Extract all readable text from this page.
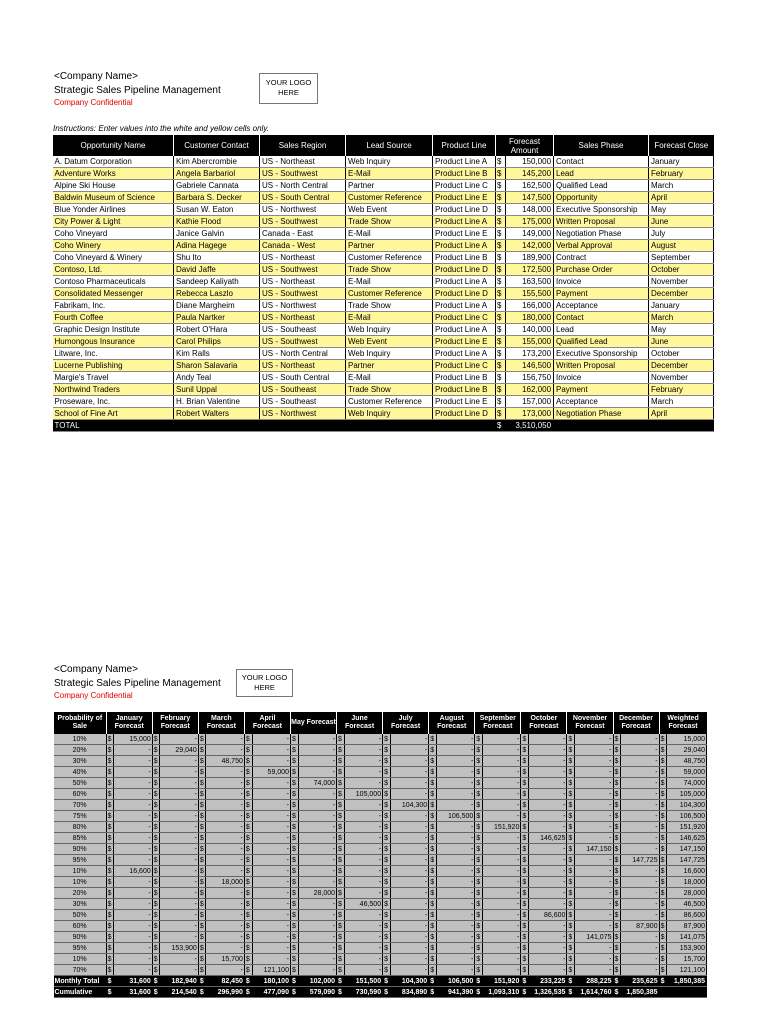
<Company Name>
Strategic Sales Pipeline Management
Company Confidential
YOUR LOGO
HERE
Instructions: Enter values into the white and yellow cells only.
Opportunity Name	Customer Contact	Sales Region	Lead Source	Product Line	Forecast Amount		Sales Phase	Forecast Close
A. Datum Corporation	Kim Abercrombie	US - Northeast	Web Inquiry	Product Line A	$	150,000	Contact	January
Adventure Works	Angela Barbariol	US - Southwest	E-Mail	Product Line B	$	145,200	Lead	February
Alpine Ski House	Gabriele Cannata	US - North Central	Partner	Product Line C	$	162,500	Qualified Lead	March
Baldwin Museum of Science	Barbara S. Decker	US - South Central	Customer Reference	Product Line E	$	147,500	Opportunity	April
Blue Yonder Airlines	Susan W. Eaton	US - Northwest	Web Event	Product Line D	$	148,000	Executive Sponsorship	May
City Power & Light	Kathie Flood	US - Southwest	Trade Show	Product Line A	$	175,000	Written Proposal	June
Coho Vineyard	Janice Galvin	Canada - East	E-Mail	Product Line E	$	149,000	Negotiation Phase	July
Coho Winery	Adina Hagege	Canada - West	Partner	Product Line A	$	142,000	Verbal Approval	August
Coho Vineyard & Winery	Shu Ito	US - Northeast	Customer Reference	Product Line B	$	189,900	Contract	September
Contoso, Ltd.	David Jaffe	US - Southwest	Trade Show	Product Line D	$	172,500	Purchase Order	October
Contoso Pharmaceuticals	Sandeep Kaliyath	US - Northeast	E-Mail	Product Line A	$	163,500	Invoice	November
Consolidated Messenger	Rebecca Laszlo	US - Southwest	Customer Reference	Product Line D	$	155,500	Payment	December
Fabrikam, Inc.	Diane Margheim	US - Northwest	Trade Show	Product Line A	$	166,000	Acceptance	January
Fourth Coffee	Paula Nartker	US - Northeast	E-Mail	Product Line C	$	180,000	Contact	March
Graphic Design Institute	Robert O'Hara	US - Southeast	Web Inquiry	Product Line A	$	140,000	Lead	May
Humongous Insurance	Carol Philips	US - Southwest	Web Event	Product Line E	$	155,000	Qualified Lead	June
Litware, Inc.	Kim Ralls	US - North Central	Web Inquiry	Product Line A	$	173,200	Executive Sponsorship	October
Lucerne Publishing	Sharon Salavaria	US - Northeast	Partner	Product Line C	$	146,500	Written Proposal	December
Margie's Travel	Andy Teal	US - South Central	E-Mail	Product Line B	$	156,750	Invoice	November
Northwind Traders	Sunil Uppal	US - Southeast	Trade Show	Product Line B	$	162,000	Payment	February
Proseware, Inc.	H. Brian Valentine	US - Southeast	Customer Reference	Product Line E	$	157,000	Acceptance	March
School of Fine Art	Robert Walters	US - Northwest	Web Inquiry	Product Line D	$	173,000	Negotiation Phase	April
TOTAL					$	3,510,050		
<Company Name>
Strategic Sales Pipeline Management
Company Confidential
YOUR LOGO
HERE
Probability of Sale	January Forecast		February Forecast		March Forecast		April Forecast		May Forecast		June Forecast		July Forecast		August Forecast		September Forecast		October Forecast		November Forecast		December Forecast		Weighted Forecast	
10%	$	15,000	$	-	$	-	$	-	$	-	$	-	$	-	$	-	$	-	$	-	$	-	$	-	$	15,000
20%	$	-	$	29,040	$	-	$	-	$	-	$	-	$	-	$	-	$	-	$	-	$	-	$	-	$	29,040
30%	$	-	$	-	$	48,750	$	-	$	-	$	-	$	-	$	-	$	-	$	-	$	-	$	-	$	48,750
40%	$	-	$	-	$	-	$	59,000	$	-	$	-	$	-	$	-	$	-	$	-	$	-	$	-	$	59,000
50%	$	-	$	-	$	-	$	-	$	74,000	$	-	$	-	$	-	$	-	$	-	$	-	$	-	$	74,000
60%	$	-	$	-	$	-	$	-	$	-	$	105,000	$	-	$	-	$	-	$	-	$	-	$	-	$	105,000
70%	$	-	$	-	$	-	$	-	$	-	$	-	$	104,300	$	-	$	-	$	-	$	-	$	-	$	104,300
75%	$	-	$	-	$	-	$	-	$	-	$	-	$	-	$	106,500	$	-	$	-	$	-	$	-	$	106,500
80%	$	-	$	-	$	-	$	-	$	-	$	-	$	-	$	-	$	151,920	$	-	$	-	$	-	$	151,920
85%	$	-	$	-	$	-	$	-	$	-	$	-	$	-	$	-	$	-	$	146,625	$	-	$	-	$	146,625
90%	$	-	$	-	$	-	$	-	$	-	$	-	$	-	$	-	$	-	$	-	$	147,150	$	-	$	147,150
95%	$	-	$	-	$	-	$	-	$	-	$	-	$	-	$	-	$	-	$	-	$	-	$	147,725	$	147,725
10%	$	16,600	$	-	$	-	$	-	$	-	$	-	$	-	$	-	$	-	$	-	$	-	$	-	$	16,600
10%	$	-	$	-	$	18,000	$	-	$	-	$	-	$	-	$	-	$	-	$	-	$	-	$	-	$	18,000
20%	$	-	$	-	$	-	$	-	$	28,000	$	-	$	-	$	-	$	-	$	-	$	-	$	-	$	28,000
30%	$	-	$	-	$	-	$	-	$	-	$	46,500	$	-	$	-	$	-	$	-	$	-	$	-	$	46,500
50%	$	-	$	-	$	-	$	-	$	-	$	-	$	-	$	-	$	-	$	86,600	$	-	$	-	$	86,600
60%	$	-	$	-	$	-	$	-	$	-	$	-	$	-	$	-	$	-	$	-	$	-	$	87,900	$	87,900
90%	$	-	$	-	$	-	$	-	$	-	$	-	$	-	$	-	$	-	$	-	$	141,075	$	-	$	141,075
95%	$	-	$	153,900	$	-	$	-	$	-	$	-	$	-	$	-	$	-	$	-	$	-	$	-	$	153,900
10%	$	-	$	-	$	15,700	$	-	$	-	$	-	$	-	$	-	$	-	$	-	$	-	$	-	$	15,700
70%	$	-	$	-	$	-	$	121,100	$	-	$	-	$	-	$	-	$	-	$	-	$	-	$	-	$	121,100
Monthly Total	$	31,600	$	182,940	$	82,450	$	180,100	$	102,000	$	151,500	$	104,300	$	106,500	$	151,920	$	233,225	$	288,225	$	235,625	$	1,850,385
Cumulative	$	31,600	$	214,540	$	296,990	$	477,090	$	579,090	$	730,590	$	834,890	$	941,390	$	1,093,310	$	1,326,535	$	1,614,760	$	1,850,385		
